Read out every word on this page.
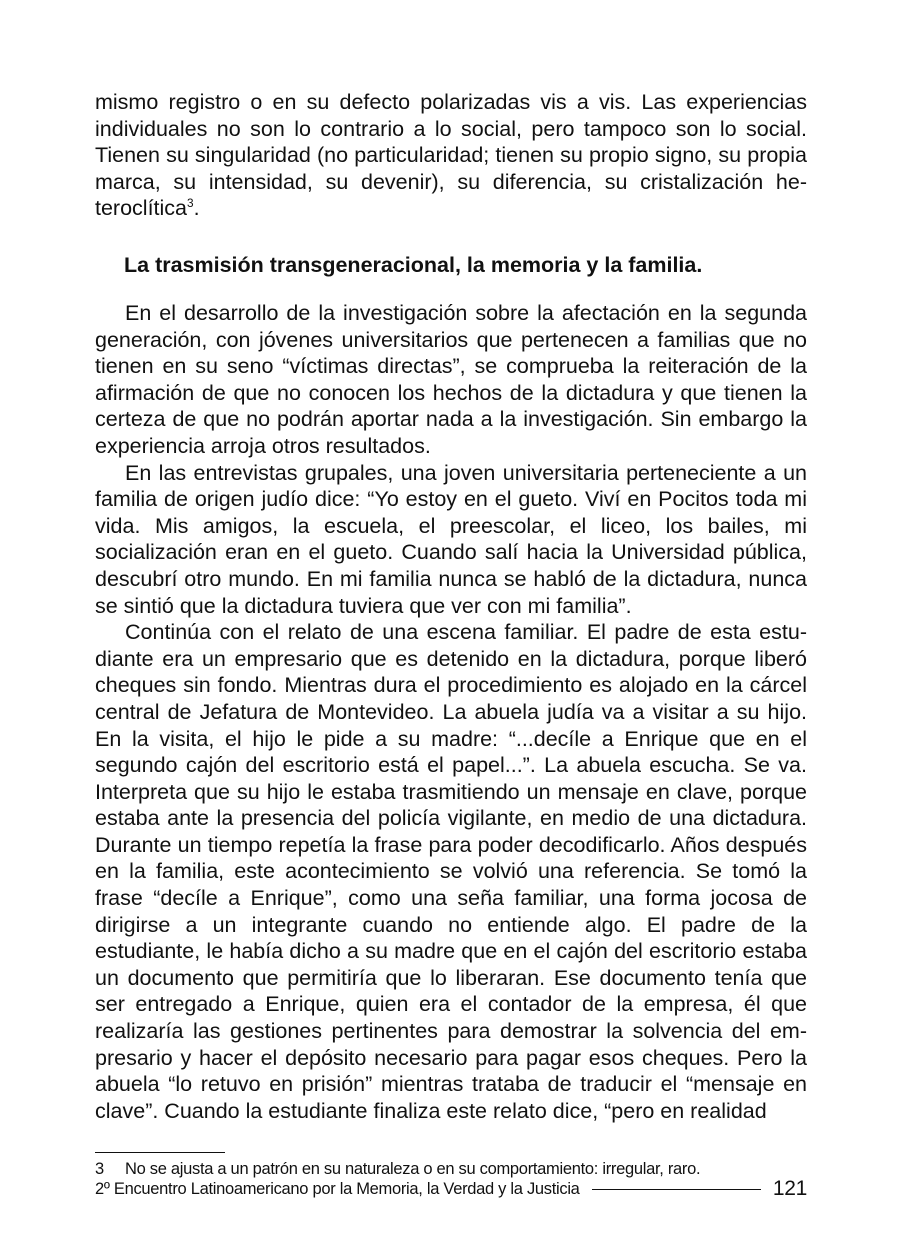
mismo registro o en su defecto polarizadas vis a vis. Las experiencias individuales no son lo contrario a lo social, pero tampoco son lo social. Tienen su singularidad (no particularidad; tienen su propio signo, su propia marca, su intensidad, su devenir), su diferencia, su cristalización heteroclítica$^3$.

La trasmisión transgeneracional, la memoria y la familia.

En el desarrollo de la investigación sobre la afectación en la segunda generación, con jóvenes universitarios que pertenecen a familias que no tienen en su seno “víctimas directas”, se comprueba la reiteración de la afirmación de que no conocen los hechos de la dictadura y que tienen la certeza de que no podrán aportar nada a la investigación. Sin embargo la experiencia arroja otros resultados.

En las entrevistas grupales, una joven universitaria perteneciente a un familia de origen judío dice: “Yo estoy en el gueto. Viví en Pocitos toda mi vida. Mis amigos, la escuela, el preescolar, el liceo, los bailes, mi socialización eran en el gueto. Cuando salí hacia la Universidad pública, descubrí otro mundo. En mi familia nunca se habló de la dictadura, nunca se sintió que la dictadura tuviera que ver con mi familia”.

Continúa con el relato de una escena familiar. El padre de esta estudiante era un empresario que es detenido en la dictadura, porque liberó cheques sin fondo. Mientras dura el procedimiento es alojado en la cárcel central de Jefatura de Montevideo. La abuela judía va a visitar a su hijo. En la visita, el hijo le pide a su madre: “...decíle a Enrique que en el segundo cajón del escritorio está el papel...”. La abuela escucha. Se va. Interpreta que su hijo le estaba trasmitiendo un mensaje en clave, porque estaba ante la presencia del policía vigilante, en medio de una dictadura. Durante un tiempo repetía la frase para poder decodificarlo. Años después en la familia, este acontecimiento se volvió una referencia. Se tomó la frase “decíle a Enrique”, como una seña familiar, una forma jocosa de dirigirse a un integrante cuando no entiende algo. El padre de la estudiante, le había dicho a su madre que en el cajón del escritorio estaba un documento que permitiría que lo liberaran. Ese documento tenía que ser entregado a Enrique, quien era el contador de la empresa, él que realizaría las gestiones pertinentes para demostrar la solvencia del empresario y hacer el depósito necesario para pagar esos cheques. Pero la abuela “lo retuvo en prisión” mientras trataba de traducir el “mensaje en clave”. Cuando la estudiante finaliza este relato dice, “pero en realidad

3 No se ajusta a un patrón en su naturaleza o en su comportamiento: irregular, raro.
2º Encuentro Latinoamericano por la Memoria, la Verdad y la Justicia	121
